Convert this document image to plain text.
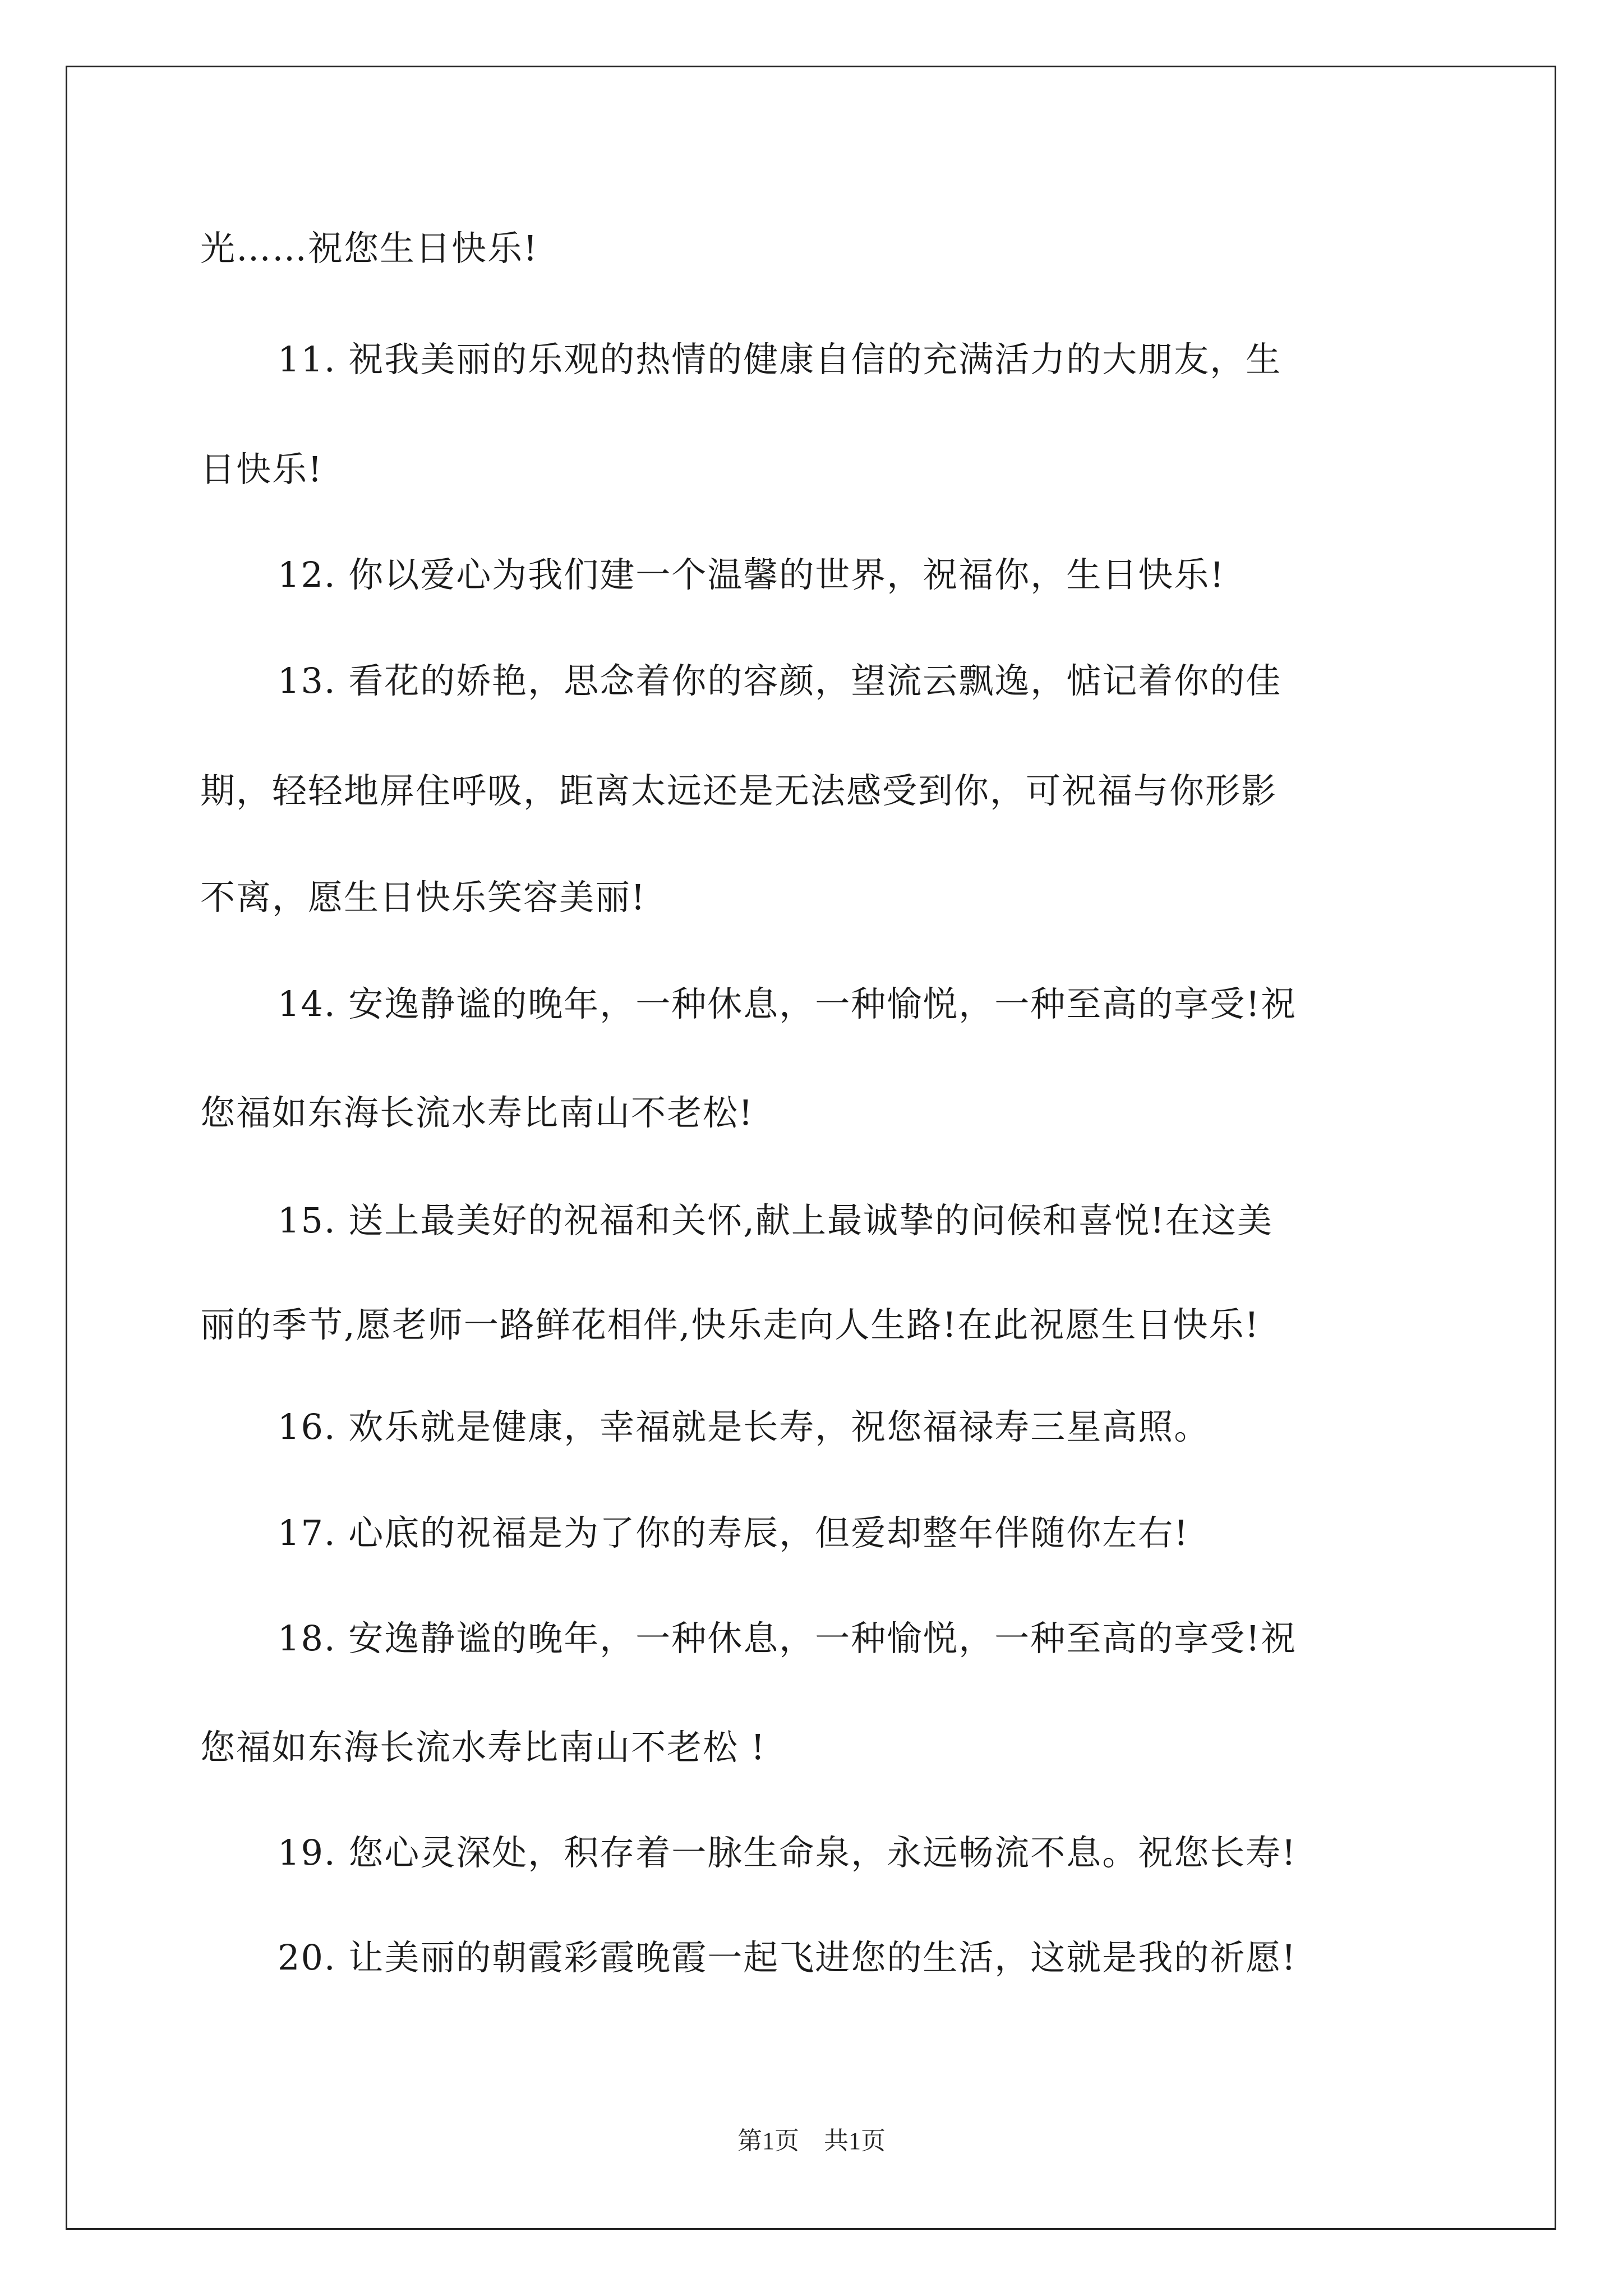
光……祝您生日快乐!
11. 祝我美丽的乐观的热情的健康自信的充满活力的大朋友，生
日快乐!
12. 你以爱心为我们建一个温馨的世界，祝福你，生日快乐!
13. 看花的娇艳，思念着你的容颜，望流云飘逸，惦记着你的佳
期，轻轻地屏住呼吸，距离太远还是无法感受到你，可祝福与你形影
不离，愿生日快乐笑容美丽!
14. 安逸静谧的晚年，一种休息，一种愉悦，一种至高的享受!祝
您福如东海长流水寿比南山不老松!
15. 送上最美好的祝福和关怀,献上最诚挚的问候和喜悦!在这美
丽的季节,愿老师一路鲜花相伴,快乐走向人生路!在此祝愿生日快乐!
16. 欢乐就是健康，幸福就是长寿，祝您福禄寿三星高照。
17. 心底的祝福是为了你的寿辰，但爱却整年伴随你左右!
18. 安逸静谧的晚年，一种休息，一种愉悦，一种至高的享受!祝
您福如东海长流水寿比南山不老松 !
19. 您心灵深处，积存着一脉生命泉，永远畅流不息。祝您长寿!
20. 让美丽的朝霞彩霞晚霞一起飞进您的生活，这就是我的祈愿!
第1页 共1页
